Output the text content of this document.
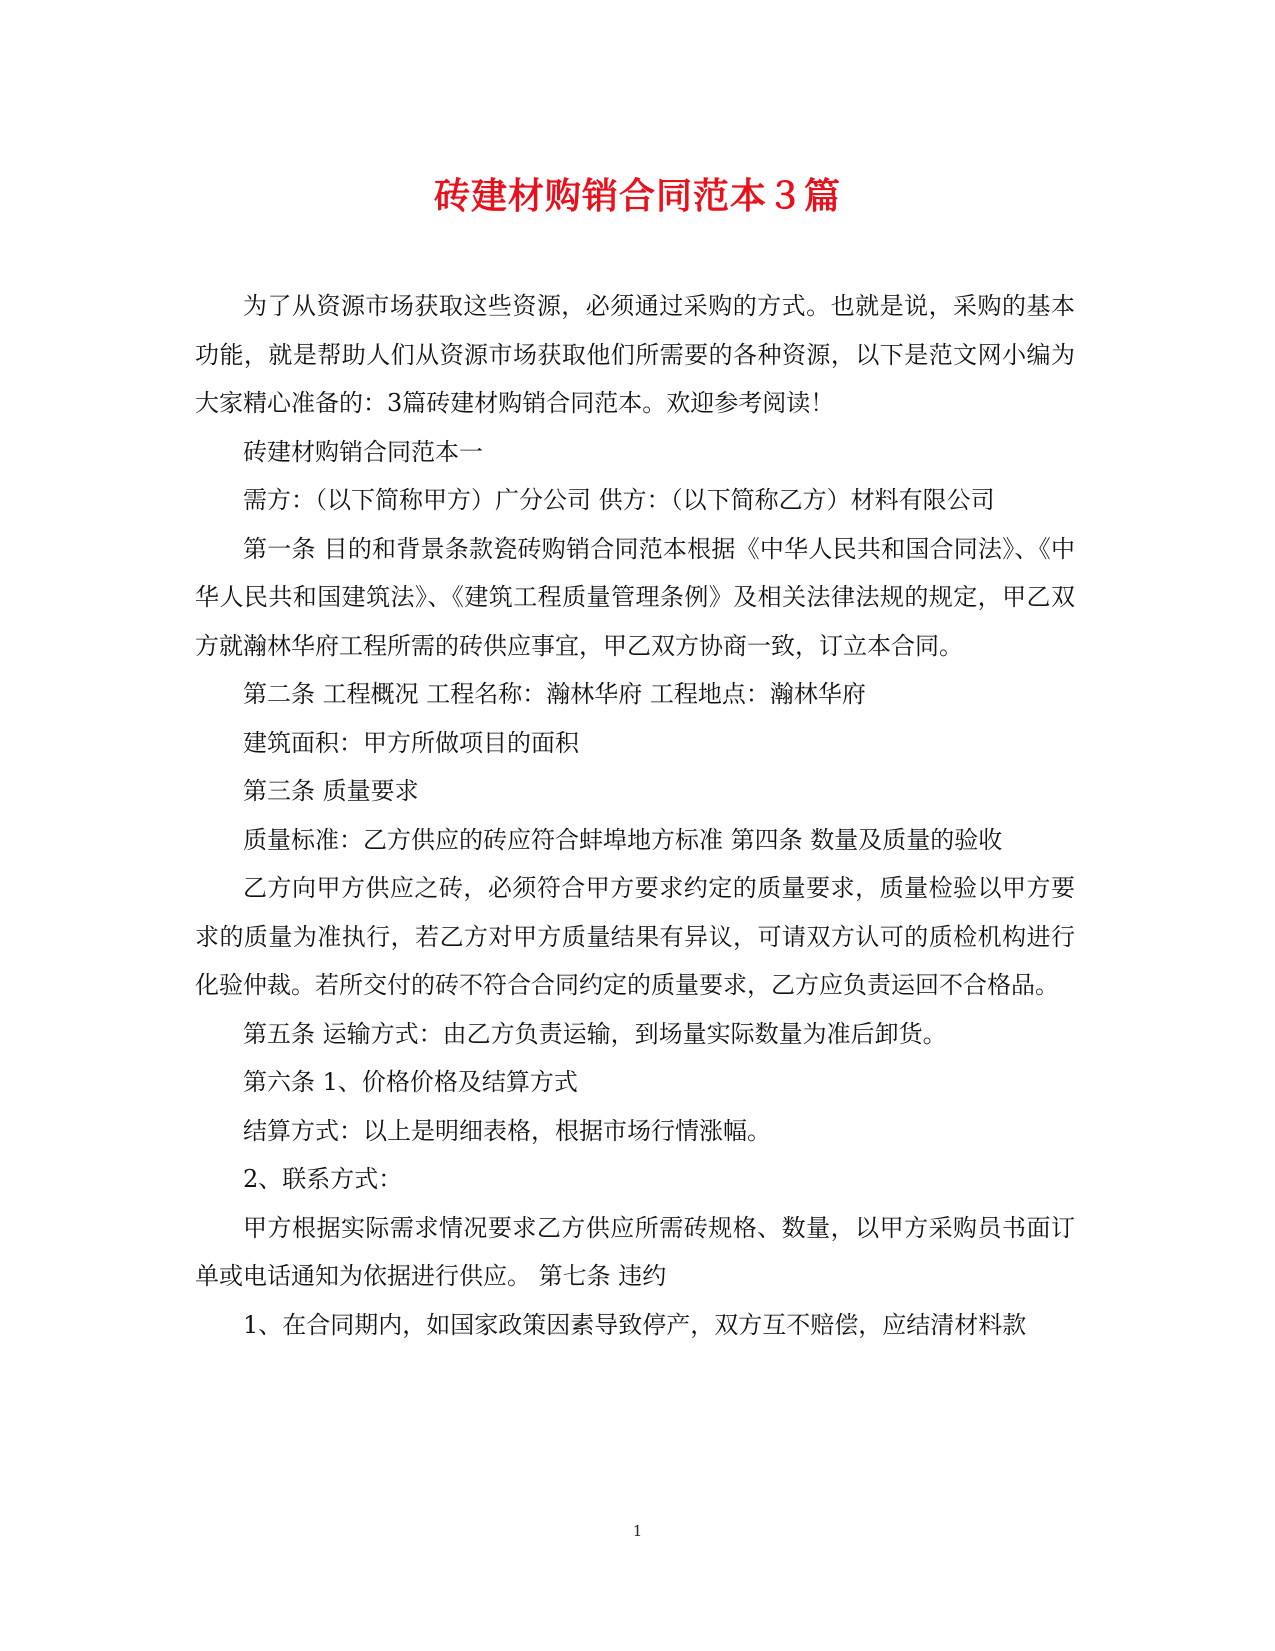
砖建材购销合同范本３篇

为了从资源市场获取这些资源，必须通过采购的方式。也就是说，采购的基本功能，就是帮助人们从资源市场获取他们所需要的各种资源，以下是范文网小编为大家精心准备的：3篇砖建材购销合同范本。欢迎参考阅读！

砖建材购销合同范本一

需方：（以下简称甲方）广分公司 供方：（以下简称乙方）材料有限公司

第一条 目的和背景条款瓷砖购销合同范本根据《中华人民共和国合同法》、《中华人民共和国建筑法》、《建筑工程质量管理条例》及相关法律法规的规定，甲乙双方就瀚林华府工程所需的砖供应事宜，甲乙双方协商一致，订立本合同。

第二条 工程概况 工程名称：瀚林华府 工程地点：瀚林华府

建筑面积：甲方所做项目的面积

第三条 质量要求

质量标准：乙方供应的砖应符合蚌埠地方标准 第四条 数量及质量的验收

乙方向甲方供应之砖，必须符合甲方要求约定的质量要求，质量检验以甲方要求的质量为准执行，若乙方对甲方质量结果有异议，可请双方认可的质检机构进行化验仲裁。若所交付的砖不符合合同约定的质量要求，乙方应负责运回不合格品。

第五条 运输方式：由乙方负责运输，到场量实际数量为准后卸货。

第六条 1、价格价格及结算方式

结算方式：以上是明细表格，根据市场行情涨幅。

2、联系方式：

甲方根据实际需求情况要求乙方供应所需砖规格、数量，以甲方采购员书面订单或电话通知为依据进行供应。 第七条 违约

1、在合同期内，如国家政策因素导致停产，双方互不赔偿，应结清材料款

1
